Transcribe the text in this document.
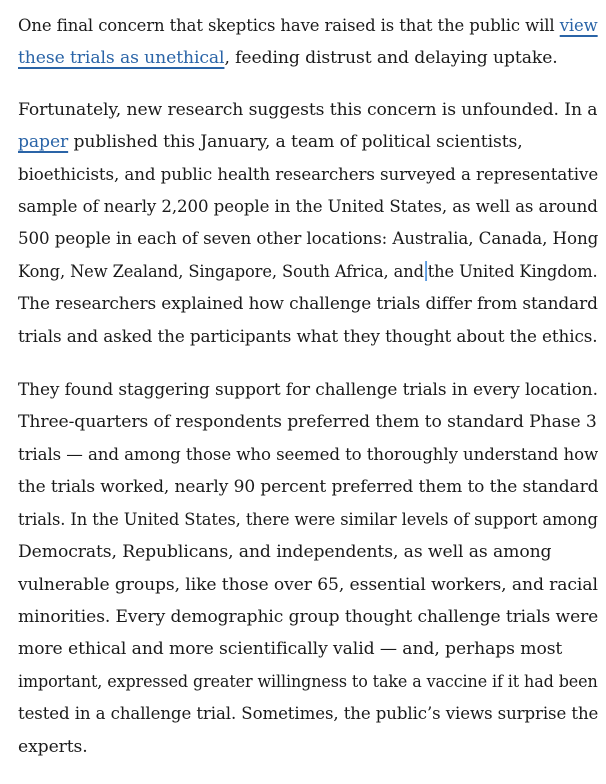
One final concern that skeptics have raised is that the public will view
these trials as unethical, feeding distrust and delaying uptake.

Fortunately, new research suggests this concern is unfounded. In a
paper published this January, a team of political scientists,
bioethicists, and public health researchers surveyed a representative
sample of nearly 2,200 people in the United States, as well as around
500 people in each of seven other locations: Australia, Canada, Hong
Kong, New Zealand, Singapore, South Africa, and the United Kingdom.
The researchers explained how challenge trials differ from standard
trials and asked the participants what they thought about the ethics.

They found staggering support for challenge trials in every location.
Three-quarters of respondents preferred them to standard Phase 3
trials — and among those who seemed to thoroughly understand how
the trials worked, nearly 90 percent preferred them to the standard
trials. In the United States, there were similar levels of support among
Democrats, Republicans, and independents, as well as among
vulnerable groups, like those over 65, essential workers, and racial
minorities. Every demographic group thought challenge trials were
more ethical and more scientifically valid — and, perhaps most
important, expressed greater willingness to take a vaccine if it had been
tested in a challenge trial. Sometimes, the public’s views surprise the
experts.
